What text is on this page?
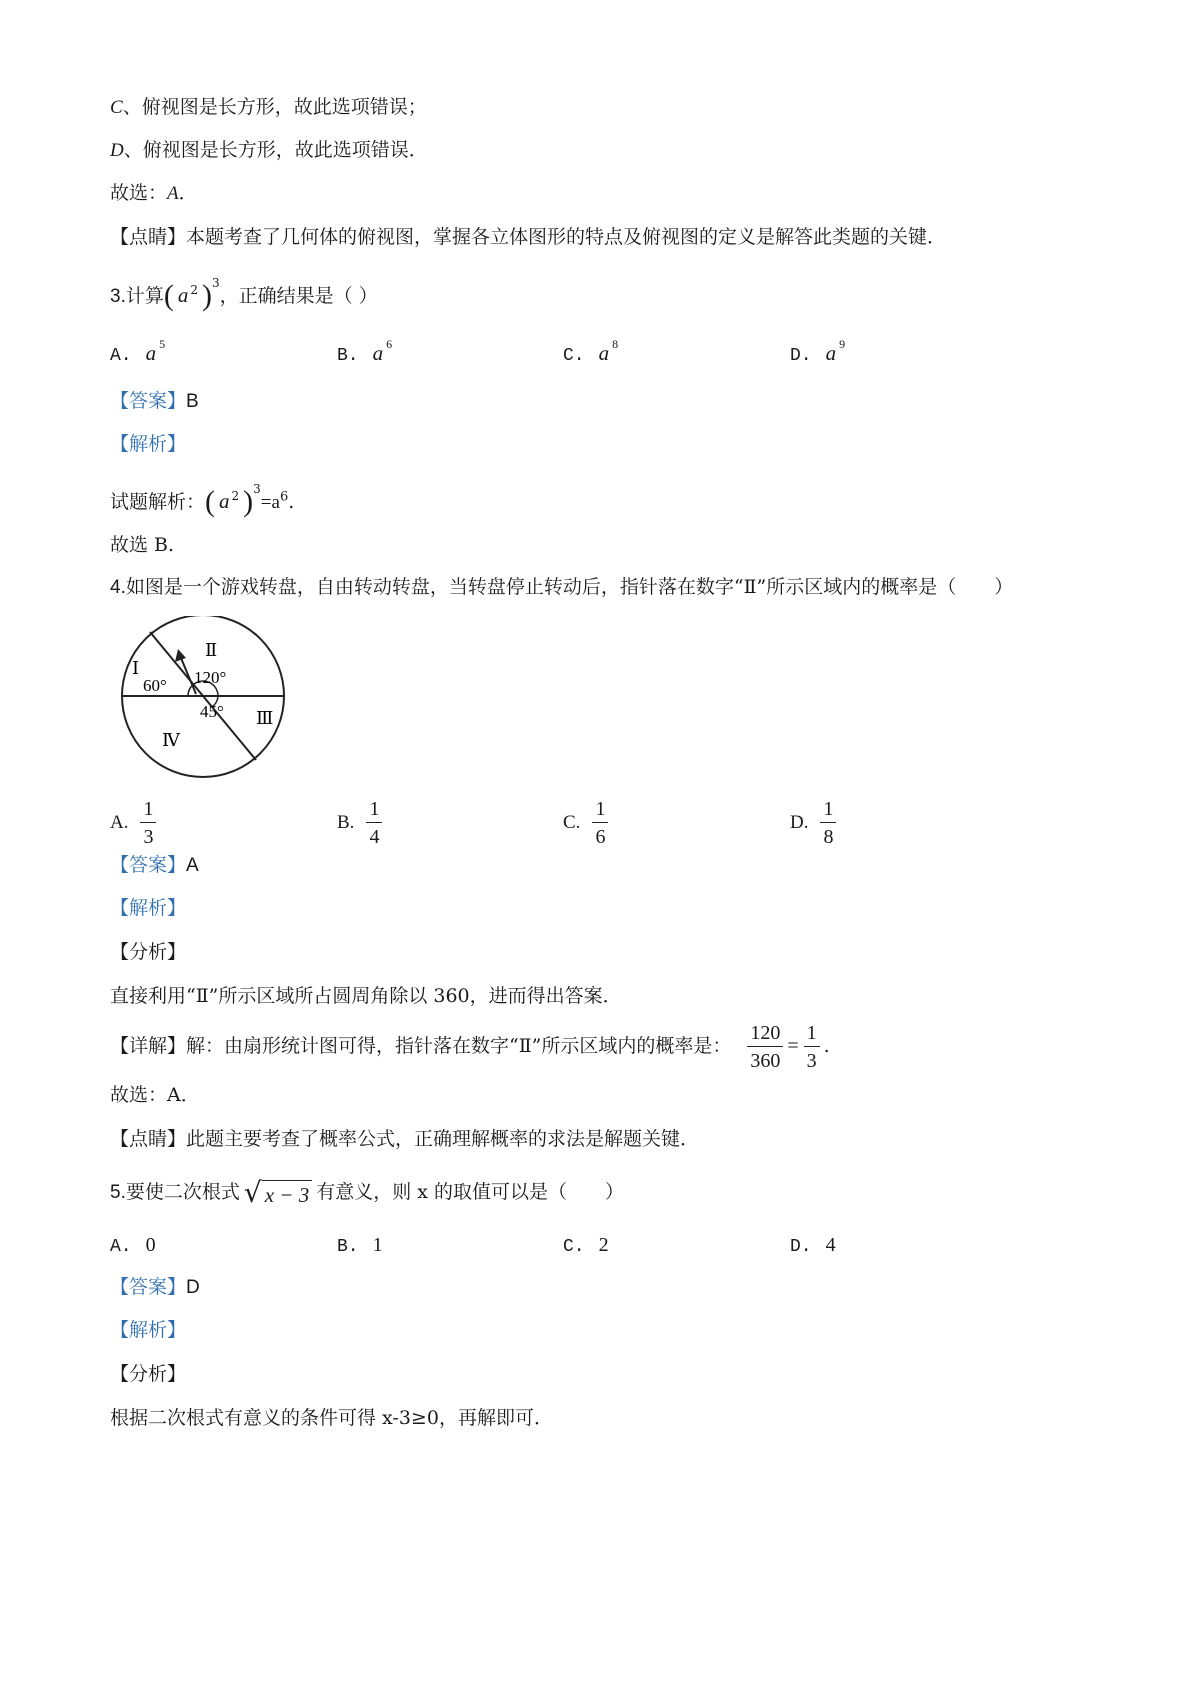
C、俯视图是长方形，故此选项错误；
D、俯视图是长方形，故此选项错误．
故选：A．
【点睛】本题考查了几何体的俯视图，掌握各立体图形的特点及俯视图的定义是解答此类题的关键．
3.计算( a $^2$ )$^3$，正确结果是（ ）
A. a $^5$
B. a $^6$
C. a $^8$
D. a $^9$
【答案】B
【解析】
试题解析：( a $^2$ )$^3=a^6$.
故选 B.
4.如图是一个游戏转盘，自由转动转盘，当转盘停止转动后，指针落在数字“Ⅱ”所示区域内的概率是（　　）
Ⅰ
Ⅱ
Ⅲ
Ⅳ
60° 120°
45°
A. $\frac{1}{3}$	B. $\frac{1}{4}$	C. $\frac{1}{6}$	D. $\frac{1}{8}$
【答案】A
【解析】
【分析】
直接利用“Ⅱ”所示区域所占圆周角除以 360，进而得出答案．
【详解】解：由扇形统计图可得，指针落在数字“Ⅱ”所示区域内的概率是： $\frac{120}{360} = \frac{1}{3}$ .
故选：A．
【点睛】此题主要考查了概率公式，正确理解概率的求法是解题关键．
5.要使二次根式 √ x − 3 有意义，则 x 的取值可以是（　　）
A. 0	B. 1	C. 2	D. 4
【答案】D
【解析】
【分析】
根据二次根式有意义的条件可得 x-3≥0，再解即可．
